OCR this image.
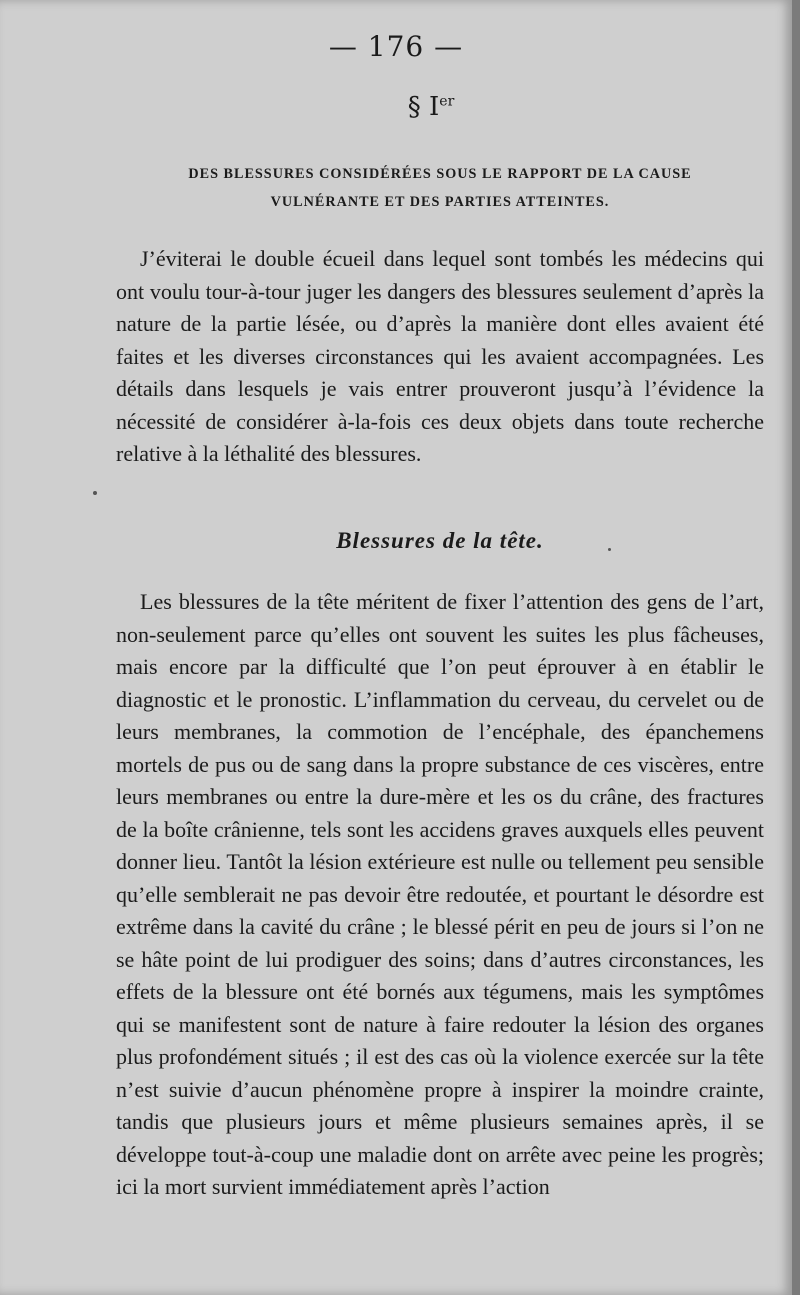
— 176 —
§ Ier
DES BLESSURES CONSIDÉRÉES SOUS LE RAPPORT DE LA CAUSE VULNÉRANTE ET DES PARTIES ATTEINTES.

J’éviterai le double écueil dans lequel sont tombés les médecins qui ont voulu tour-à-tour juger les dangers des blessures seulement d’après la nature de la partie lésée, ou d’après la manière dont elles avaient été faites et les diverses circonstances qui les avaient accompagnées. Les détails dans lesquels je vais entrer prouveront jusqu’à l’évidence la nécessité de considérer à-la-fois ces deux objets dans toute recherche relative à la léthalité des blessures.

Blessures de la tête.

Les blessures de la tête méritent de fixer l’attention des gens de l’art, non-seulement parce qu’elles ont souvent les suites les plus fâcheuses, mais encore par la difficulté que l’on peut éprouver à en établir le diagnostic et le pronostic. L’inflammation du cerveau, du cervelet ou de leurs membranes, la commotion de l’encéphale, des épanchemens mortels de pus ou de sang dans la propre substance de ces viscères, entre leurs membranes ou entre la dure-mère et les os du crâne, des fractures de la boîte crânienne, tels sont les accidens graves auxquels elles peuvent donner lieu. Tantôt la lésion extérieure est nulle ou tellement peu sensible qu’elle semblerait ne pas devoir être redoutée, et pourtant le désordre est extrême dans la cavité du crâne ; le blessé périt en peu de jours si l’on ne se hâte point de lui prodiguer des soins; dans d’autres circonstances, les effets de la blessure ont été bornés aux tégumens, mais les symptômes qui se manifestent sont de nature à faire redouter la lésion des organes plus profondément situés ; il est des cas où la violence exercée sur la tête n’est suivie d’aucun phénomène propre à inspirer la moindre crainte, tandis que plusieurs jours et même plusieurs semaines après, il se développe tout-à-coup une maladie dont on arrête avec peine les progrès; ici la mort survient immédiatement après l’action
